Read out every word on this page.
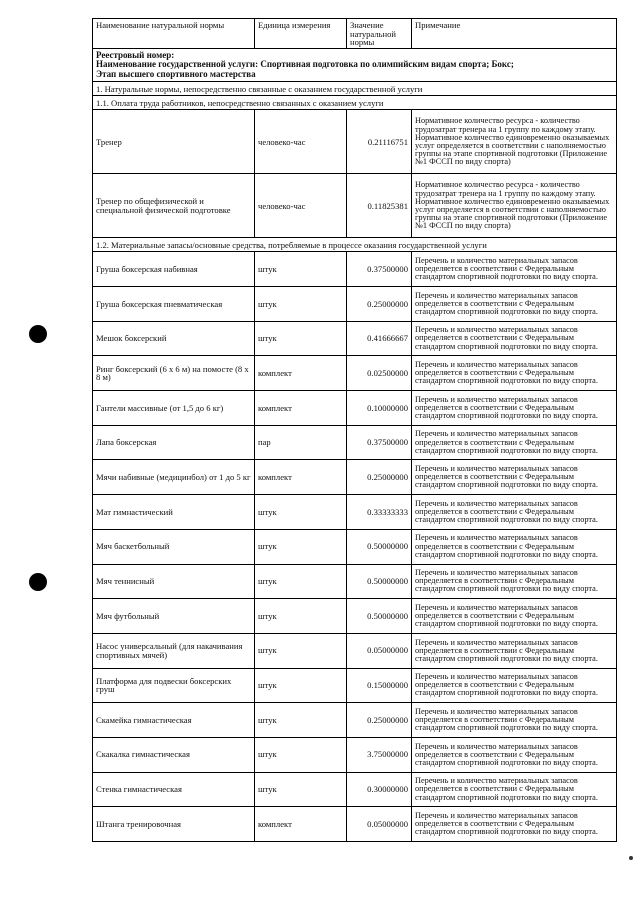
Наименование натуральной нормы	Единица измерения	Значение натуральной нормы	Примечание

Реестровый номер:
Наименование государственной услуги: Спортивная подготовка по олимпийским видам спорта; Бокс;
Этап высшего спортивного мастерства			

1. Натуральные нормы, непосредственно связанные с оказанием государственной услуги			
1.1. Оплата труда работников, непосредственно связанных с оказанием услуги			
Тренер	человеко-час	0.21116751	Нормативное количество ресурса - количество трудозатрат тренера на 1 группу по каждому этапу. Нормативное количество единовременно оказываемых услуг определяется в соответствии с наполняемостью группы на этапе спортивной подготовки (Приложение №1 ФССП по виду спорта)
Тренер по общефизической и специальной физической подготовке	человеко-час	0.11825381	Нормативное количество ресурса - количество трудозатрат тренера на 1 группу по каждому этапу. Нормативное количество единовременно оказываемых услуг определяется в соответствии с наполняемостью группы на этапе спортивной подготовки (Приложение №1 ФССП по виду спорта)
1.2. Материальные запасы/основные средства, потребляемые в процессе оказания государственной услуги			
Груша боксерская набивная	штук	0.37500000	Перечень и количество материальных запасов определяется в соответствии с Федеральным стандартом спортивной подготовки по виду спорта.
Груша боксерская пневматическая	штук	0.25000000	Перечень и количество материальных запасов определяется в соответствии с Федеральным стандартом спортивной подготовки по виду спорта.
Мешок боксерский	штук	0.41666667	Перечень и количество материальных запасов определяется в соответствии с Федеральным стандартом спортивной подготовки по виду спорта.
Ринг боксерский (6 х 6 м) на помосте (8 х 8 м)	комплект	0.02500000	Перечень и количество материальных запасов определяется в соответствии с Федеральным стандартом спортивной подготовки по виду спорта.
Гантели массивные (от 1,5 до 6 кг)	комплект	0.10000000	Перечень и количество материальных запасов определяется в соответствии с Федеральным стандартом спортивной подготовки по виду спорта.
Лапа боксерская	пар	0.37500000	Перечень и количество материальных запасов определяется в соответствии с Федеральным стандартом спортивной подготовки по виду спорта.
Мячи набивные (медицинбол) от 1 до 5 кг	комплект	0.25000000	Перечень и количество материальных запасов определяется в соответствии с Федеральным стандартом спортивной подготовки по виду спорта.
Мат гимнастический	штук	0.33333333	Перечень и количество материальных запасов определяется в соответствии с Федеральным стандартом спортивной подготовки по виду спорта.
Мяч баскетбольный	штук	0.50000000	Перечень и количество материальных запасов определяется в соответствии с Федеральным стандартом спортивной подготовки по виду спорта.
Мяч теннисный	штук	0.50000000	Перечень и количество материальных запасов определяется в соответствии с Федеральным стандартом спортивной подготовки по виду спорта.
Мяч футбольный	штук	0.50000000	Перечень и количество материальных запасов определяется в соответствии с Федеральным стандартом спортивной подготовки по виду спорта.
Насос универсальный (для накачивания спортивных мячей)	штук	0.05000000	Перечень и количество материальных запасов определяется в соответствии с Федеральным стандартом спортивной подготовки по виду спорта.
Платформа для подвески боксерских груш	штук	0.15000000	Перечень и количество материальных запасов определяется в соответствии с Федеральным стандартом спортивной подготовки по виду спорта.
Скамейка гимнастическая	штук	0.25000000	Перечень и количество материальных запасов определяется в соответствии с Федеральным стандартом спортивной подготовки по виду спорта.
Скакалка гимнастическая	штук	3.75000000	Перечень и количество материальных запасов определяется в соответствии с Федеральным стандартом спортивной подготовки по виду спорта.
Стенка гимнастическая	штук	0.30000000	Перечень и количество материальных запасов определяется в соответствии с Федеральным стандартом спортивной подготовки по виду спорта.
Штанга тренировочная	комплект	0.05000000	Перечень и количество материальных запасов определяется в соответствии с Федеральным стандартом спортивной подготовки по виду спорта.
